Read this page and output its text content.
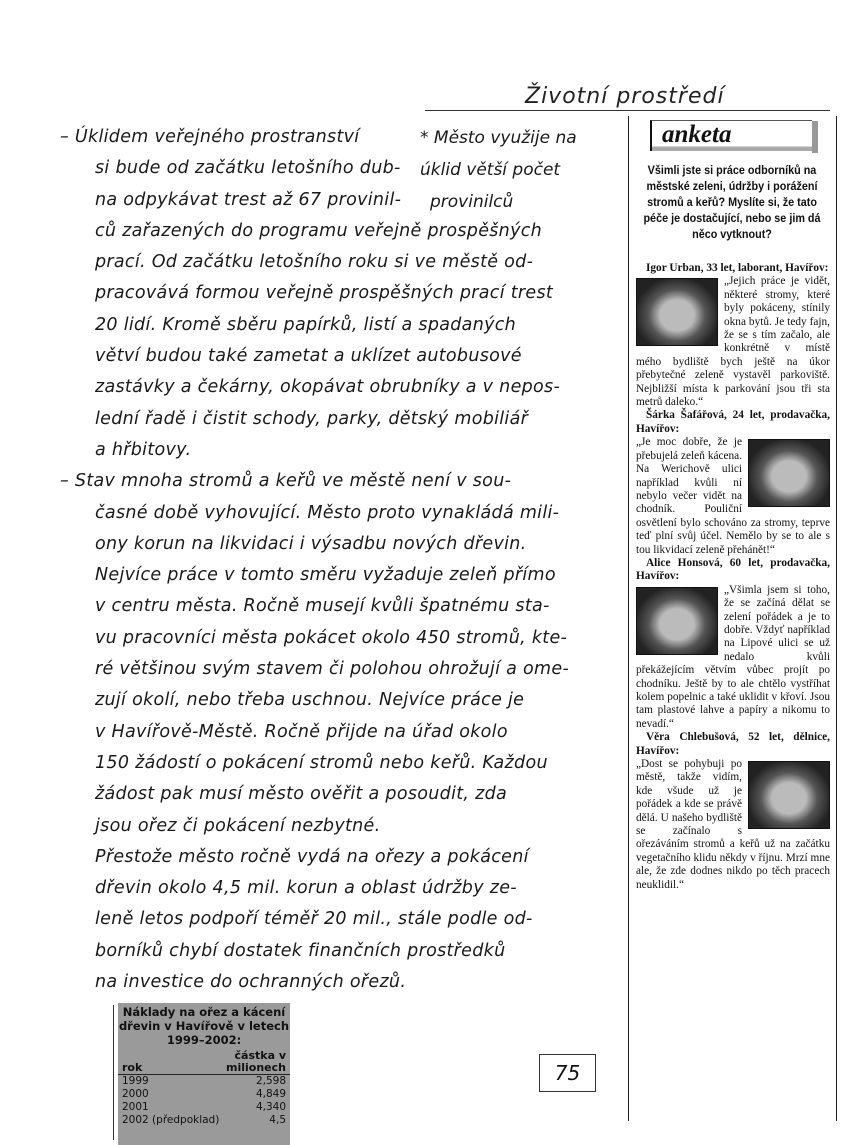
Životní prostředí
– Úklidem veřejného prostranství
si bude od začátku letošního dub-
na odpykávat trest až 67 provinil-
ců zařazených do programu veřejně prospěšných
prací. Od začátku letošního roku si ve městě od-
pracovává formou veřejně prospěšných prací trest
20 lidí. Kromě sběru papírků, listí a spadaných
větví budou také zametat a uklízet autobusové
zastávky a čekárny, okopávat obrubníky a v nepos-
lední řadě i čistit schody, parky, dětský mobiliář
a hřbitovy.
– Stav mnoha stromů a keřů ve městě není v sou-
časné době vyhovující. Město proto vynakládá mili-
ony korun na likvidaci i výsadbu nových dřevin.
Nejvíce práce v tomto směru vyžaduje zeleň přímo
v centru města. Ročně musejí kvůli špatnému sta-
vu pracovníci města pokácet okolo 450 stromů, kte-
ré většinou svým stavem či polohou ohrožují a ome-
zují okolí, nebo třeba uschnou. Nejvíce práce je
v Havířově-Městě. Ročně přijde na úřad okolo
150 žádostí o pokácení stromů nebo keřů. Každou
žádost pak musí město ověřit a posoudit, zda
jsou ořez či pokácení nezbytné.
Přestože město ročně vydá na ořezy a pokácení
dřevin okolo 4,5 mil. korun a oblast údržby ze-
leně letos podpoří téměř 20 mil., stále podle od-
borníků chybí dostatek finančních prostředků
na investice do ochranných ořezů.
* Město využije na
úklid větší počet
provinilců
anketa
Všimli jste si práce odborníků na městské zeleni, údržby i porážení stromů a keřů? Myslíte si, že tato péče je dostačující, nebo se jim dá něco vytknout?

Igor Urban, 33 let, laborant, Havířov:

„Jejich práce je vidět, některé stromy, které byly pokáceny, stínily okna bytů. Je tedy fajn, že se s tím začalo, ale konkrétně v místě mého bydliště bych ještě na úkor přebytečné zeleně vystavěl parkoviště. Nejbližší místa k parkování jsou tři sta metrů daleko.“

Šárka Šafářová, 24 let, prodavačka, Havířov:

„Je moc dobře, že je přebujelá zeleň kácena. Na Werichově ulici například kvůli ní nebylo večer vidět na chodník. Pouliční osvětlení bylo schováno za stromy, teprve teď plní svůj účel. Nemělo by se to ale s tou likvidací zeleně přehánět!“

Alice Honsová, 60 let, prodavačka, Havířov:

„Všimla jsem si toho, že se začíná dělat se zelení pořádek a je to dobře. Vždyť například na Lipové ulici se už nedalo kvůli překážejícím větvím vůbec projít po chodníku. Ještě by to ale chtělo vystříhat kolem popelnic a také uklidit v křoví. Jsou tam plastové lahve a papíry a nikomu to nevadí.“

Věra Chlebušová, 52 let, dělnice, Havířov:

„Dost se pohybuji po městě, takže vidím, kde všude už je pořádek a kde se právě dělá. U našeho bydliště se začínalo s ořezáváním stromů a keřů už na začátku vegetačního klidu někdy v říjnu. Mrzí mne ale, že zde dodnes nikdo po těch pracech neuklidil.“

Náklady na ořez a kácení dřevin v Havířově v letech 1999–2002:
rok
částka v milionech
1999	2,598
2000	4,849
2001	4,340
2002 (předpoklad)	4,5
75
